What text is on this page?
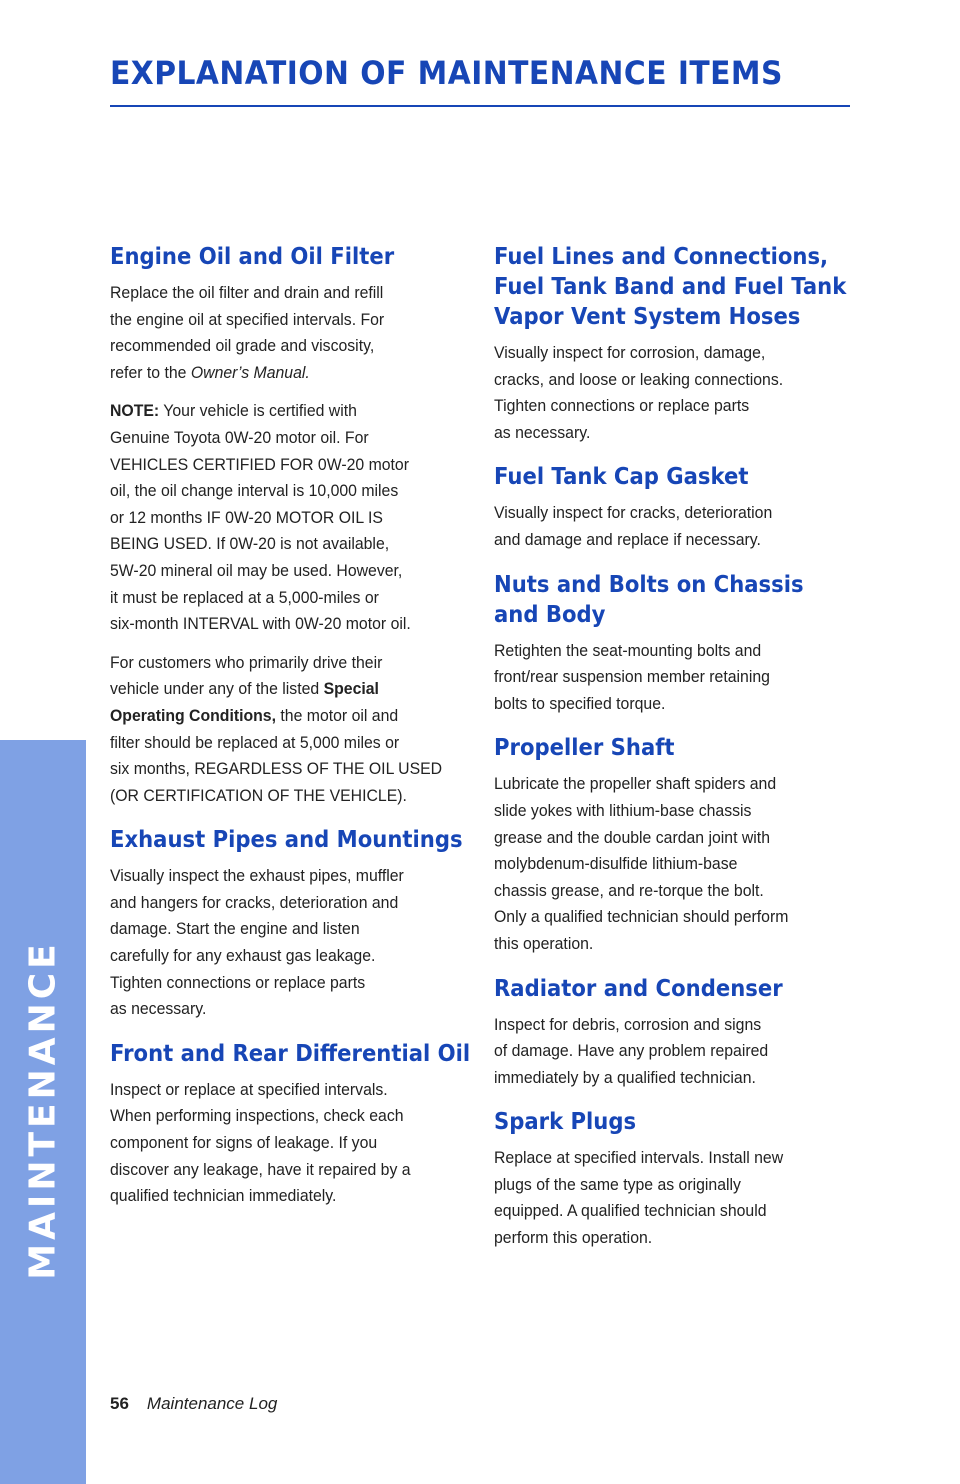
EXPLANATION OF MAINTENANCE ITEMS
MAINTENANCE
Engine Oil and Oil Filter

Replace the oil filter and drain and refill
the engine oil at specified intervals. For
recommended oil grade and viscosity,
refer to the Owner’s Manual.

NOTE: Your vehicle is certified with
Genuine Toyota 0W-20 motor oil. For
VEHICLES CERTIFIED FOR 0W-20 motor
oil, the oil change interval is 10,000 miles
or 12 months IF 0W-20 MOTOR OIL IS
BEING USED. If 0W-20 is not available,
5W-20 mineral oil may be used. However,
it must be replaced at a 5,000-miles or
six-month INTERVAL with 0W-20 motor oil.

For customers who primarily drive their
vehicle under any of the listed Special
Operating Conditions, the motor oil and
filter should be replaced at 5,000 miles or
six months, REGARDLESS OF THE OIL USED
(OR CERTIFICATION OF THE VEHICLE).

Exhaust Pipes and Mountings

Visually inspect the exhaust pipes, muffler
and hangers for cracks, deterioration and
damage. Start the engine and listen
carefully for any exhaust gas leakage.
Tighten connections or replace parts
as necessary.

Front and Rear Differential Oil

Inspect or replace at specified intervals.
When performing inspections, check each
component for signs of leakage. If you
discover any leakage, have it repaired by a
qualified technician immediately.

Fuel Lines and Connections,
Fuel Tank Band and Fuel Tank
Vapor Vent System Hoses

Visually inspect for corrosion, damage,
cracks, and loose or leaking connections.
Tighten connections or replace parts
as necessary.

Fuel Tank Cap Gasket

Visually inspect for cracks, deterioration
and damage and replace if necessary.

Nuts and Bolts on Chassis
and Body

Retighten the seat-mounting bolts and
front/rear suspension member retaining
bolts to specified torque.

Propeller Shaft

Lubricate the propeller shaft spiders and
slide yokes with lithium-base chassis
grease and the double cardan joint with
molybdenum-disulfide lithium-base
chassis grease, and re-torque the bolt.
Only a qualified technician should perform
this operation.

Radiator and Condenser

Inspect for debris, corrosion and signs
of damage. Have any problem repaired
immediately by a qualified technician.

Spark Plugs

Replace at specified intervals. Install new
plugs of the same type as originally
equipped. A qualified technician should
perform this operation.

56 Maintenance Log
